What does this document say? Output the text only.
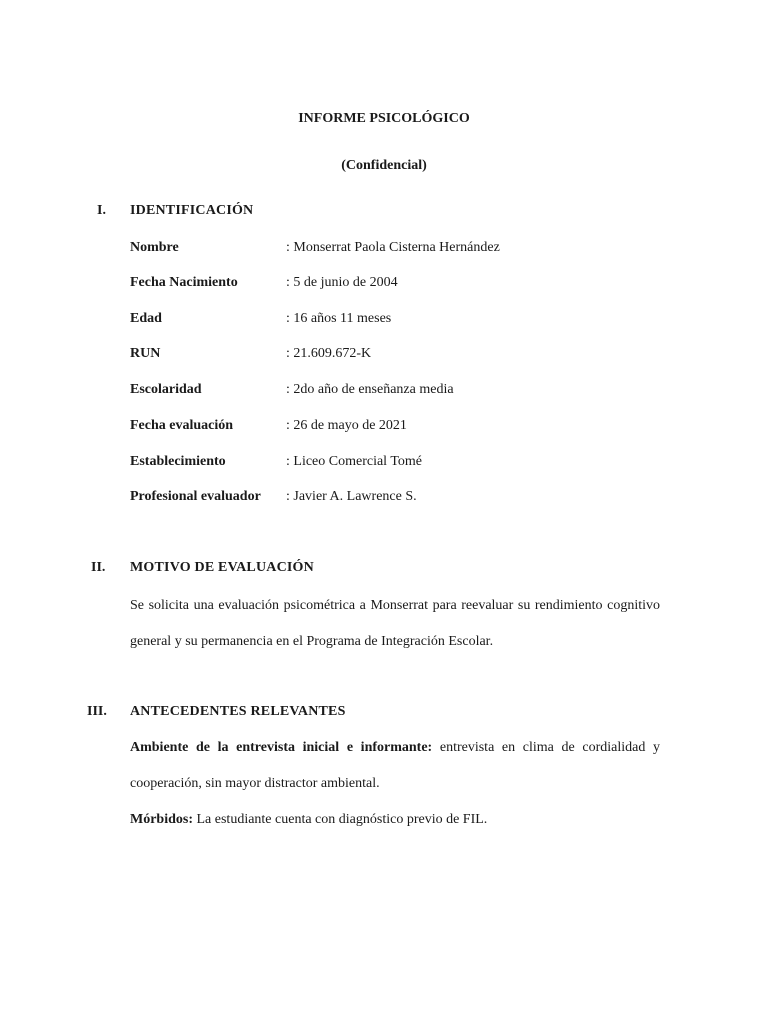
INFORME PSICOLÓGICO
(Confidencial)
I. IDENTIFICACIÓN
Nombre	: Monserrat Paola Cisterna Hernández
Fecha Nacimiento	: 5 de junio de 2004
Edad	: 16 años 11 meses
RUN	: 21.609.672-K
Escolaridad	: 2do año de enseñanza media
Fecha evaluación	: 26 de mayo de 2021
Establecimiento	: Liceo Comercial Tomé
Profesional evaluador : Javier A. Lawrence S.
II. MOTIVO DE EVALUACIÓN
Se solicita una evaluación psicométrica a Monserrat para reevaluar su rendimiento cognitivo general y su permanencia en el Programa de Integración Escolar.
III. ANTECEDENTES RELEVANTES
Ambiente de la entrevista inicial e informante: entrevista en clima de cordialidad y cooperación, sin mayor distractor ambiental.
Mórbidos: La estudiante cuenta con diagnóstico previo de FIL.
